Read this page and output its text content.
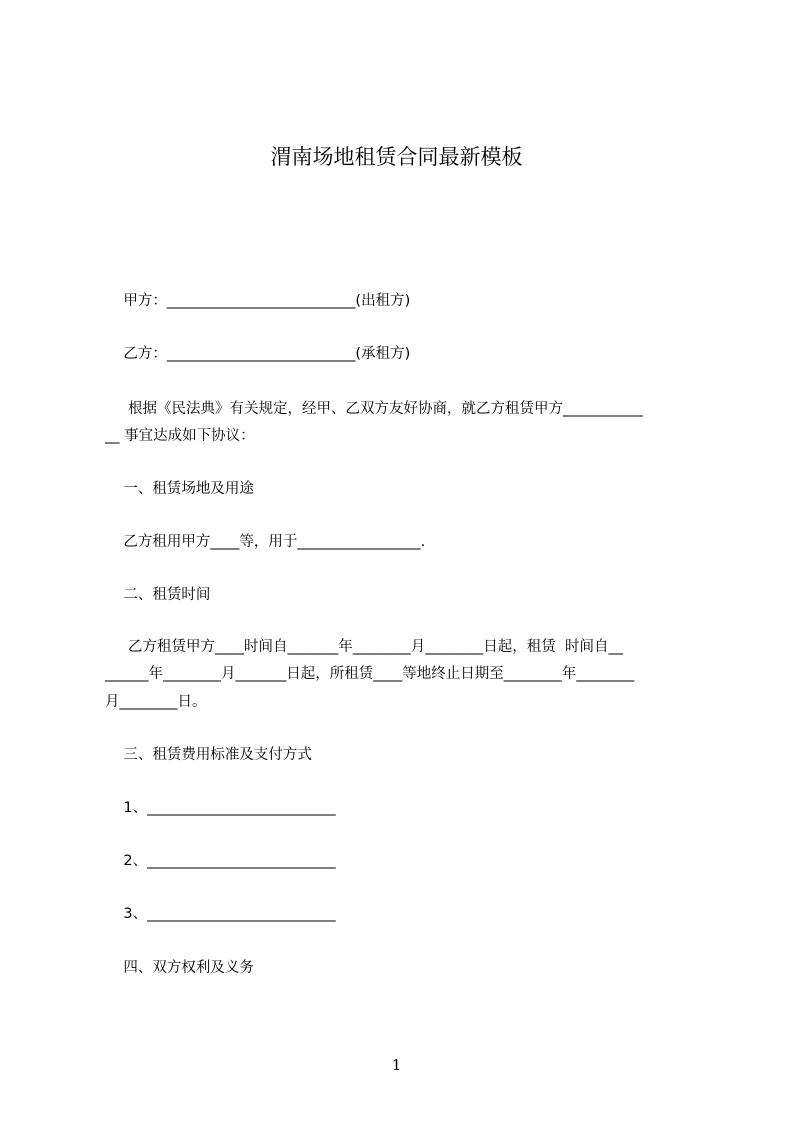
渭南场地租赁合同最新模板
甲方：__________________________(出租方)
乙方：__________________________(承租方)
根据《民法典》有关规定，经甲、乙双方友好协商，就乙方租赁甲方___________
__ 事宜达成如下协议：
一、租赁场地及用途
乙方租用甲方____等，用于_________________.
二、租赁时间
乙方租赁甲方____时间自_______年________月________日起，租赁  时间自__
______年________月_______日起，所租赁____等地终止日期至________年________
月________日。
三、租赁费用标准及支付方式
1、__________________________
2、__________________________
3、__________________________
四、双方权利及义务
1
